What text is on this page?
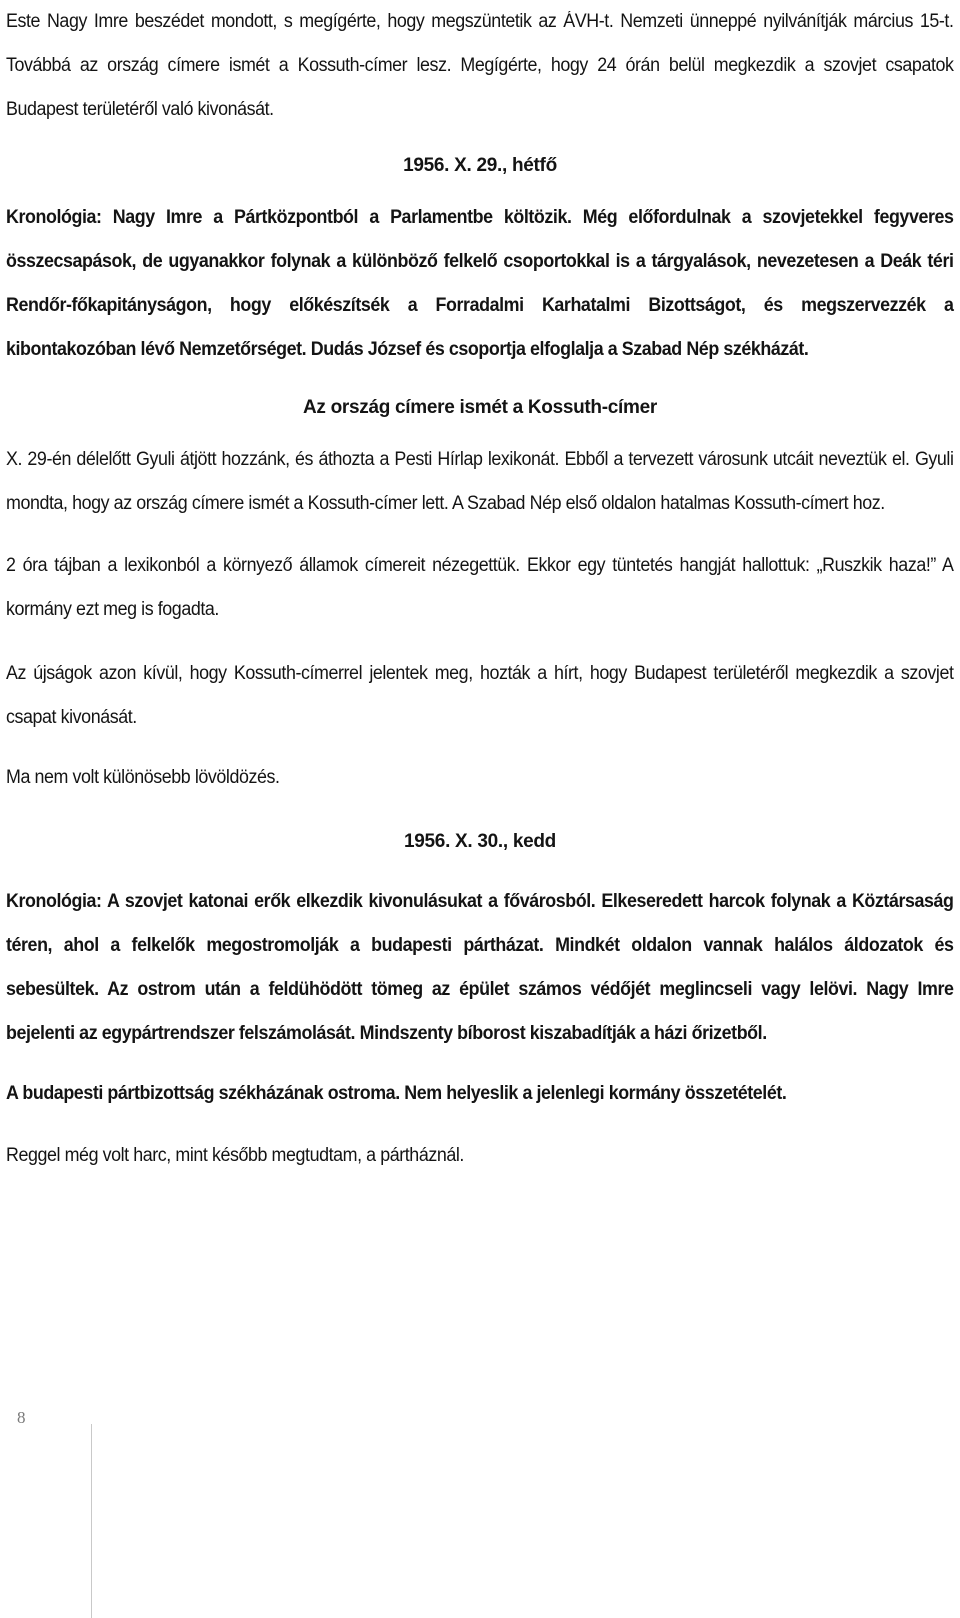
Este Nagy Imre beszédet mondott, s megígérte, hogy megszüntetik az ÁVH-t. Nemzeti ünneppé nyilvánítják március 15-t. Továbbá az ország címere ismét a Kossuth-címer lesz. Megígérte, hogy 24 órán belül megkezdik a szovjet csapatok Budapest területéről való kivonását.

1956. X. 29., hétfő

Kronológia: Nagy Imre a Pártközpontból a Parlamentbe költözik. Még előfordulnak a szovjetekkel fegyveres összecsapások, de ugyanakkor folynak a különböző felkelő csoportokkal is a tárgyalások, nevezetesen a Deák téri Rendőr-főkapitányságon, hogy előkészítsék a Forradalmi Karhatalmi Bizottságot, és megszervezzék a kibontakozóban lévő Nemzetőrséget. Dudás József és csoportja elfoglalja a Szabad Nép székházát.

Az ország címere ismét a Kossuth-címer

X. 29-én délelőtt Gyuli átjött hozzánk, és áthozta a Pesti Hírlap lexikonát. Ebből a tervezett városunk utcáit neveztük el. Gyuli mondta, hogy az ország címere ismét a Kossuth-címer lett. A Szabad Nép első oldalon hatalmas Kossuth-címert hoz.

2 óra tájban a lexikonból a környező államok címereit nézegettük. Ekkor egy tüntetés hangját hallottuk: „Ruszkik haza!” A kormány ezt meg is fogadta.

Az újságok azon kívül, hogy Kossuth-címerrel jelentek meg, hozták a hírt, hogy Budapest területéről megkezdik a szovjet csapat kivonását.

Ma nem volt különösebb lövöldözés.

1956. X. 30., kedd

Kronológia: A szovjet katonai erők elkezdik kivonulásukat a fővárosból. Elkeseredett harcok folynak a Köztársaság téren, ahol a felkelők megostromolják a budapesti pártházat. Mindkét oldalon vannak halálos áldozatok és sebesültek. Az ostrom után a feldühödött tömeg az épület számos védőjét meglincseli vagy lelövi. Nagy Imre bejelenti az egypártrendszer felszámolását. Mindszenty bíborost kiszabadítják a házi őrizetből.

A budapesti pártbizottság székházának ostroma. Nem helyeslik a jelenlegi kormány összetételét.

Reggel még volt harc, mint később megtudtam, a pártháznál.

8
